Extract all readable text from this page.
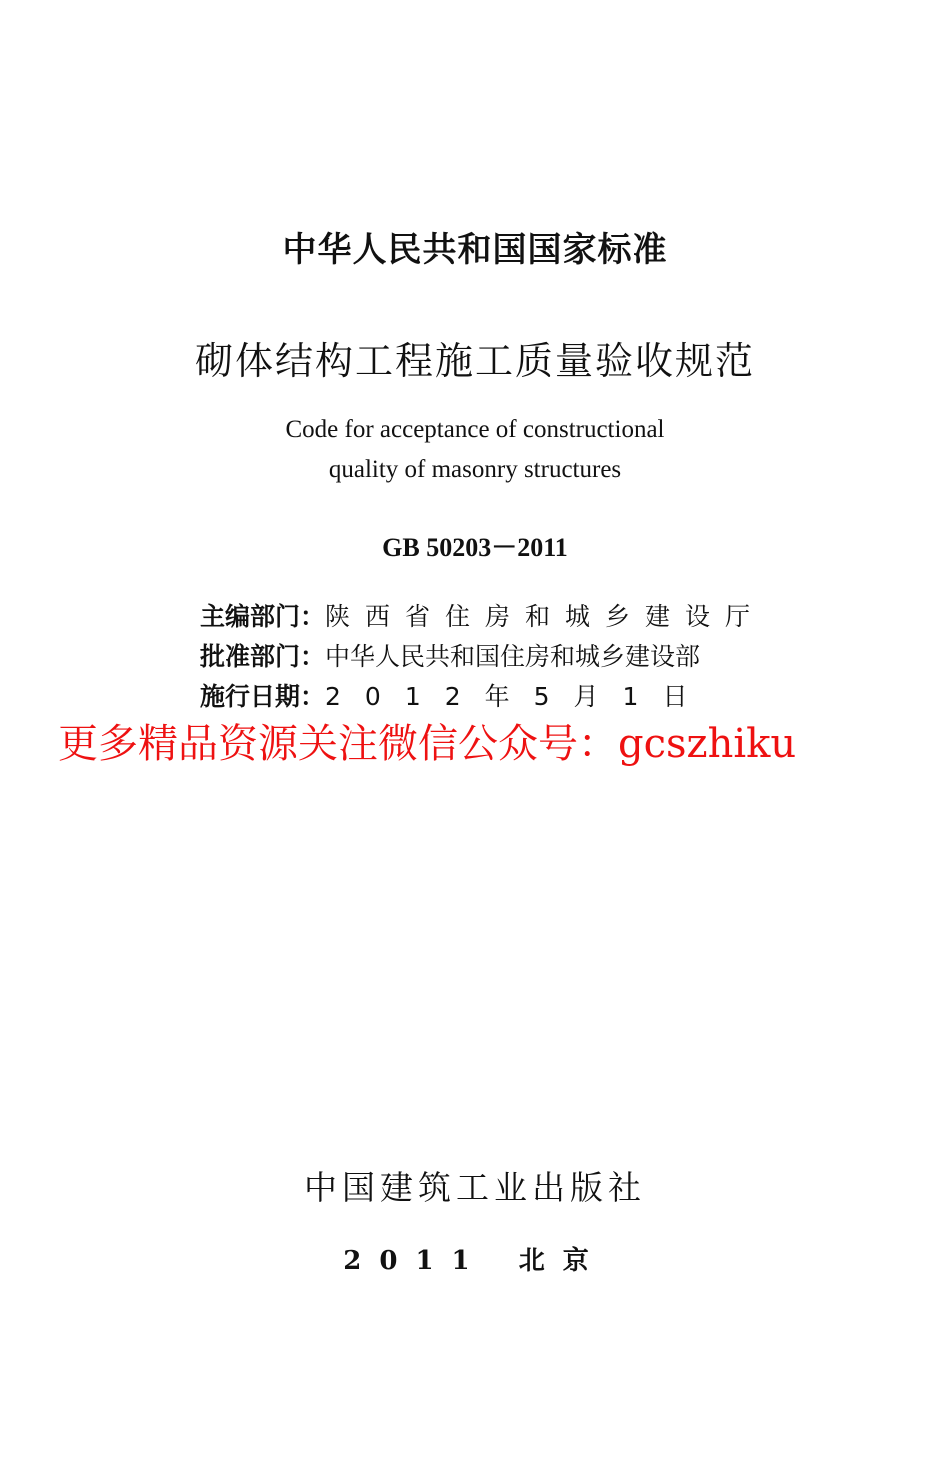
中华人民共和国国家标准
砌体结构工程施工质量验收规范
Code for acceptance of constructional
quality of masonry structures
GB 50203－2011
主编部门：陕西省住房和城乡建设厅
批准部门：中华人民共和国住房和城乡建设部
施行日期：2012年5月1日
更多精品资源关注微信公众号：gcszhiku
中国建筑工业出版社
2011 北京
